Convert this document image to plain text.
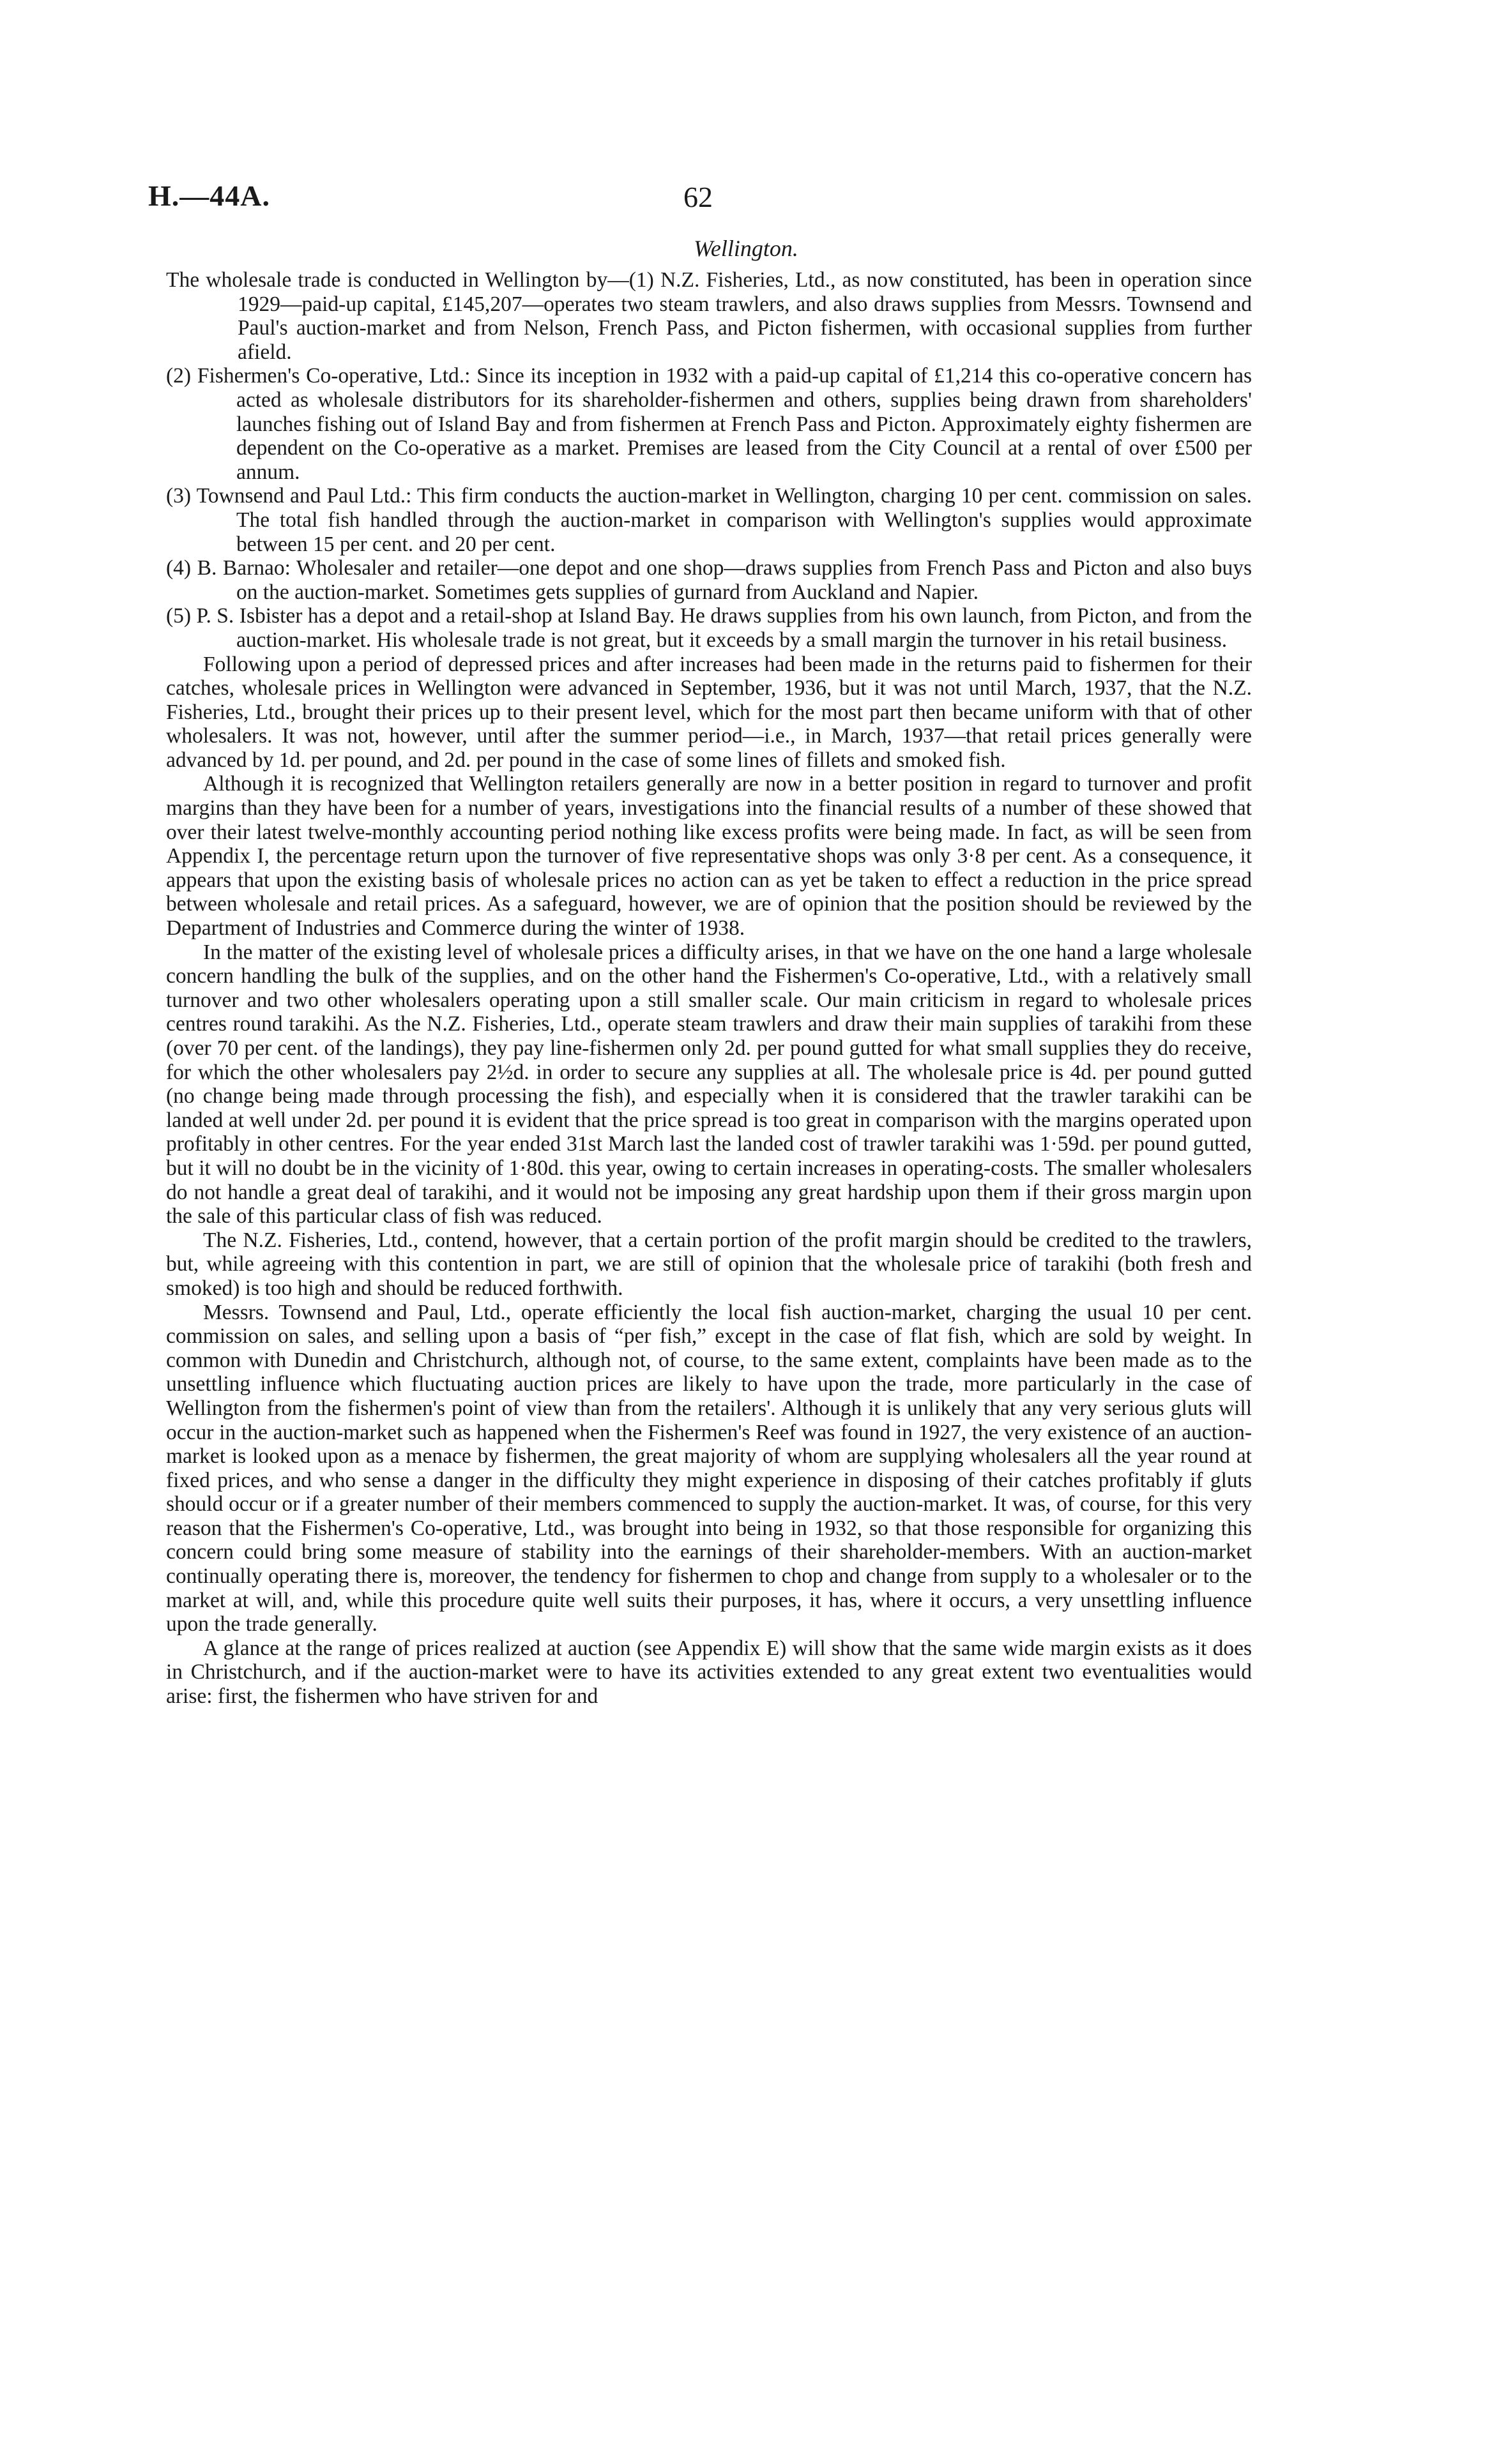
H.—44A.	62
Wellington.

The wholesale trade is conducted in Wellington by—(1) N.Z. Fisheries, Ltd., as now constituted, has been in operation since 1929—paid-up capital, £145,207—operates two steam trawlers, and also draws supplies from Messrs. Townsend and Paul's auction-market and from Nelson, French Pass, and Picton fishermen, with occasional supplies from further afield.

(2) Fishermen's Co-operative, Ltd.: Since its inception in 1932 with a paid-up capital of £1,214 this co-operative concern has acted as wholesale distributors for its shareholder-fishermen and others, supplies being drawn from shareholders' launches fishing out of Island Bay and from fishermen at French Pass and Picton. Approximately eighty fishermen are dependent on the Co-operative as a market. Premises are leased from the City Council at a rental of over £500 per annum.

(3) Townsend and Paul Ltd.: This firm conducts the auction-market in Wellington, charging 10 per cent. commission on sales. The total fish handled through the auction-market in comparison with Wellington's supplies would approximate between 15 per cent. and 20 per cent.

(4) B. Barnao: Wholesaler and retailer—one depot and one shop—draws supplies from French Pass and Picton and also buys on the auction-market. Sometimes gets supplies of gurnard from Auckland and Napier.

(5) P. S. Isbister has a depot and a retail-shop at Island Bay. He draws supplies from his own launch, from Picton, and from the auction-market. His wholesale trade is not great, but it exceeds by a small margin the turnover in his retail business.

Following upon a period of depressed prices and after increases had been made in the returns paid to fishermen for their catches, wholesale prices in Wellington were advanced in September, 1936, but it was not until March, 1937, that the N.Z. Fisheries, Ltd., brought their prices up to their present level, which for the most part then became uniform with that of other wholesalers. It was not, however, until after the summer period—i.e., in March, 1937—that retail prices generally were advanced by 1d. per pound, and 2d. per pound in the case of some lines of fillets and smoked fish.

Although it is recognized that Wellington retailers generally are now in a better position in regard to turnover and profit margins than they have been for a number of years, investigations into the financial results of a number of these showed that over their latest twelve-monthly accounting period nothing like excess profits were being made. In fact, as will be seen from Appendix I, the percentage return upon the turnover of five representative shops was only 3·8 per cent. As a consequence, it appears that upon the existing basis of wholesale prices no action can as yet be taken to effect a reduction in the price spread between wholesale and retail prices. As a safeguard, however, we are of opinion that the position should be reviewed by the Department of Industries and Commerce during the winter of 1938.

In the matter of the existing level of wholesale prices a difficulty arises, in that we have on the one hand a large wholesale concern handling the bulk of the supplies, and on the other hand the Fishermen's Co-operative, Ltd., with a relatively small turnover and two other wholesalers operating upon a still smaller scale. Our main criticism in regard to wholesale prices centres round tarakihi. As the N.Z. Fisheries, Ltd., operate steam trawlers and draw their main supplies of tarakihi from these (over 70 per cent. of the landings), they pay line-fishermen only 2d. per pound gutted for what small supplies they do receive, for which the other wholesalers pay 2½d. in order to secure any supplies at all. The wholesale price is 4d. per pound gutted (no change being made through processing the fish), and especially when it is considered that the trawler tarakihi can be landed at well under 2d. per pound it is evident that the price spread is too great in comparison with the margins operated upon profitably in other centres. For the year ended 31st March last the landed cost of trawler tarakihi was 1·59d. per pound gutted, but it will no doubt be in the vicinity of 1·80d. this year, owing to certain increases in operating-costs. The smaller wholesalers do not handle a great deal of tarakihi, and it would not be imposing any great hardship upon them if their gross margin upon the sale of this particular class of fish was reduced.

The N.Z. Fisheries, Ltd., contend, however, that a certain portion of the profit margin should be credited to the trawlers, but, while agreeing with this contention in part, we are still of opinion that the wholesale price of tarakihi (both fresh and smoked) is too high and should be reduced forthwith.

Messrs. Townsend and Paul, Ltd., operate efficiently the local fish auction-market, charging the usual 10 per cent. commission on sales, and selling upon a basis of “per fish,” except in the case of flat fish, which are sold by weight. In common with Dunedin and Christchurch, although not, of course, to the same extent, complaints have been made as to the unsettling influence which fluctuating auction prices are likely to have upon the trade, more particularly in the case of Wellington from the fishermen's point of view than from the retailers'. Although it is unlikely that any very serious gluts will occur in the auction-market such as happened when the Fishermen's Reef was found in 1927, the very existence of an auction-market is looked upon as a menace by fishermen, the great majority of whom are supplying wholesalers all the year round at fixed prices, and who sense a danger in the difficulty they might experience in disposing of their catches profitably if gluts should occur or if a greater number of their members commenced to supply the auction-market. It was, of course, for this very reason that the Fishermen's Co-operative, Ltd., was brought into being in 1932, so that those responsible for organizing this concern could bring some measure of stability into the earnings of their shareholder-members. With an auction-market continually operating there is, moreover, the tendency for fishermen to chop and change from supply to a wholesaler or to the market at will, and, while this procedure quite well suits their purposes, it has, where it occurs, a very unsettling influence upon the trade generally.

A glance at the range of prices realized at auction (see Appendix E) will show that the same wide margin exists as it does in Christchurch, and if the auction-market were to have its activities extended to any great extent two eventualities would arise: first, the fishermen who have striven for and
